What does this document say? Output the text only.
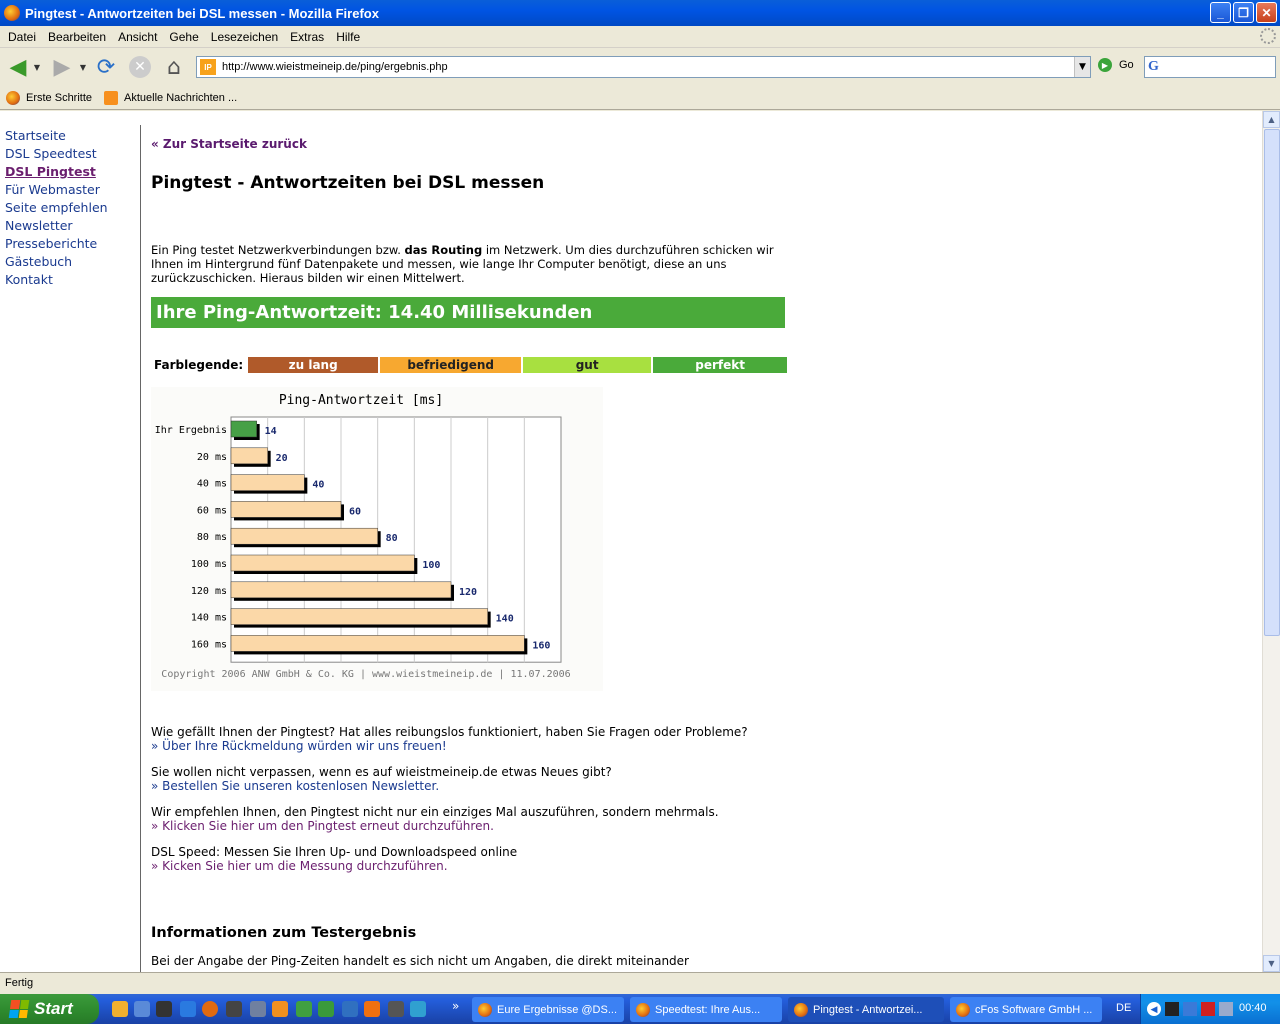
Pingtest - Antwortzeiten bei DSL messen - Mozilla Firefox	_	❐	✕
Datei	Bearbeiten	Ansicht	Gehe	Lesezeichen	Extras	Hilfe
◀ ▼ ▶	▼ ⟳	✕ ⌂	IP http://www.wieistmeineip.de/ping/ergebnis.php	▼	▶ Go G
Erste Schritte	Aktuelle Nachrichten ...
Startseite
DSL Speedtest
DSL Pingtest
Für Webmaster
Seite empfehlen
Newsletter
Presseberichte
Gästebuch
Kontakt
« Zur Startseite zurück
Pingtest - Antwortzeiten bei DSL messen

Ein Ping testet Netzwerkverbindungen bzw. das Routing im Netzwerk. Um dies durchzuführen schicken wir Ihnen im Hintergrund fünf Datenpakete und messen, wie lange Ihr Computer benötigt, diese an uns zurückzuschicken. Hieraus bilden wir einen Mittelwert.

Ihre Ping-Antwortzeit: 14.40 Millisekunden
Farblegende:	zu lang	befriedigend	gut	perfekt
Ping-Antwortzeit [ms]
Ihr Ergebnis	14
20 ms	20
40 ms	40
60 ms	60
80 ms	80
100 ms	100
120 ms	120
140 ms	140
160 ms	160
Copyright 2006 ANW GmbH & Co. KG | www.wieistmeineip.de | 11.07.2006
Wie gefällt Ihnen der Pingtest? Hat alles reibungslos funktioniert, haben Sie Fragen oder Probleme?
» Über Ihre Rückmeldung würden wir uns freuen!
Sie wollen nicht verpassen, wenn es auf wieistmeineip.de etwas Neues gibt?
» Bestellen Sie unseren kostenlosen Newsletter.
Wir empfehlen Ihnen, den Pingtest nicht nur ein einziges Mal auszuführen, sondern mehrmals.
» Klicken Sie hier um den Pingtest erneut durchzuführen.
DSL Speed: Messen Sie Ihren Up- und Downloadspeed online
» Kicken Sie hier um die Messung durchzuführen.
Informationen zum Testergebnis

Bei der Angabe der Ping-Zeiten handelt es sich nicht um Angaben, die direkt miteinander

▲
▼
Fertig
Start	»	Eure Ergebnisse @DS...	Speedtest: Ihre Aus...	Pingtest - Antwortzei...	cFos Software GmbH ... DE	◀	00:40
